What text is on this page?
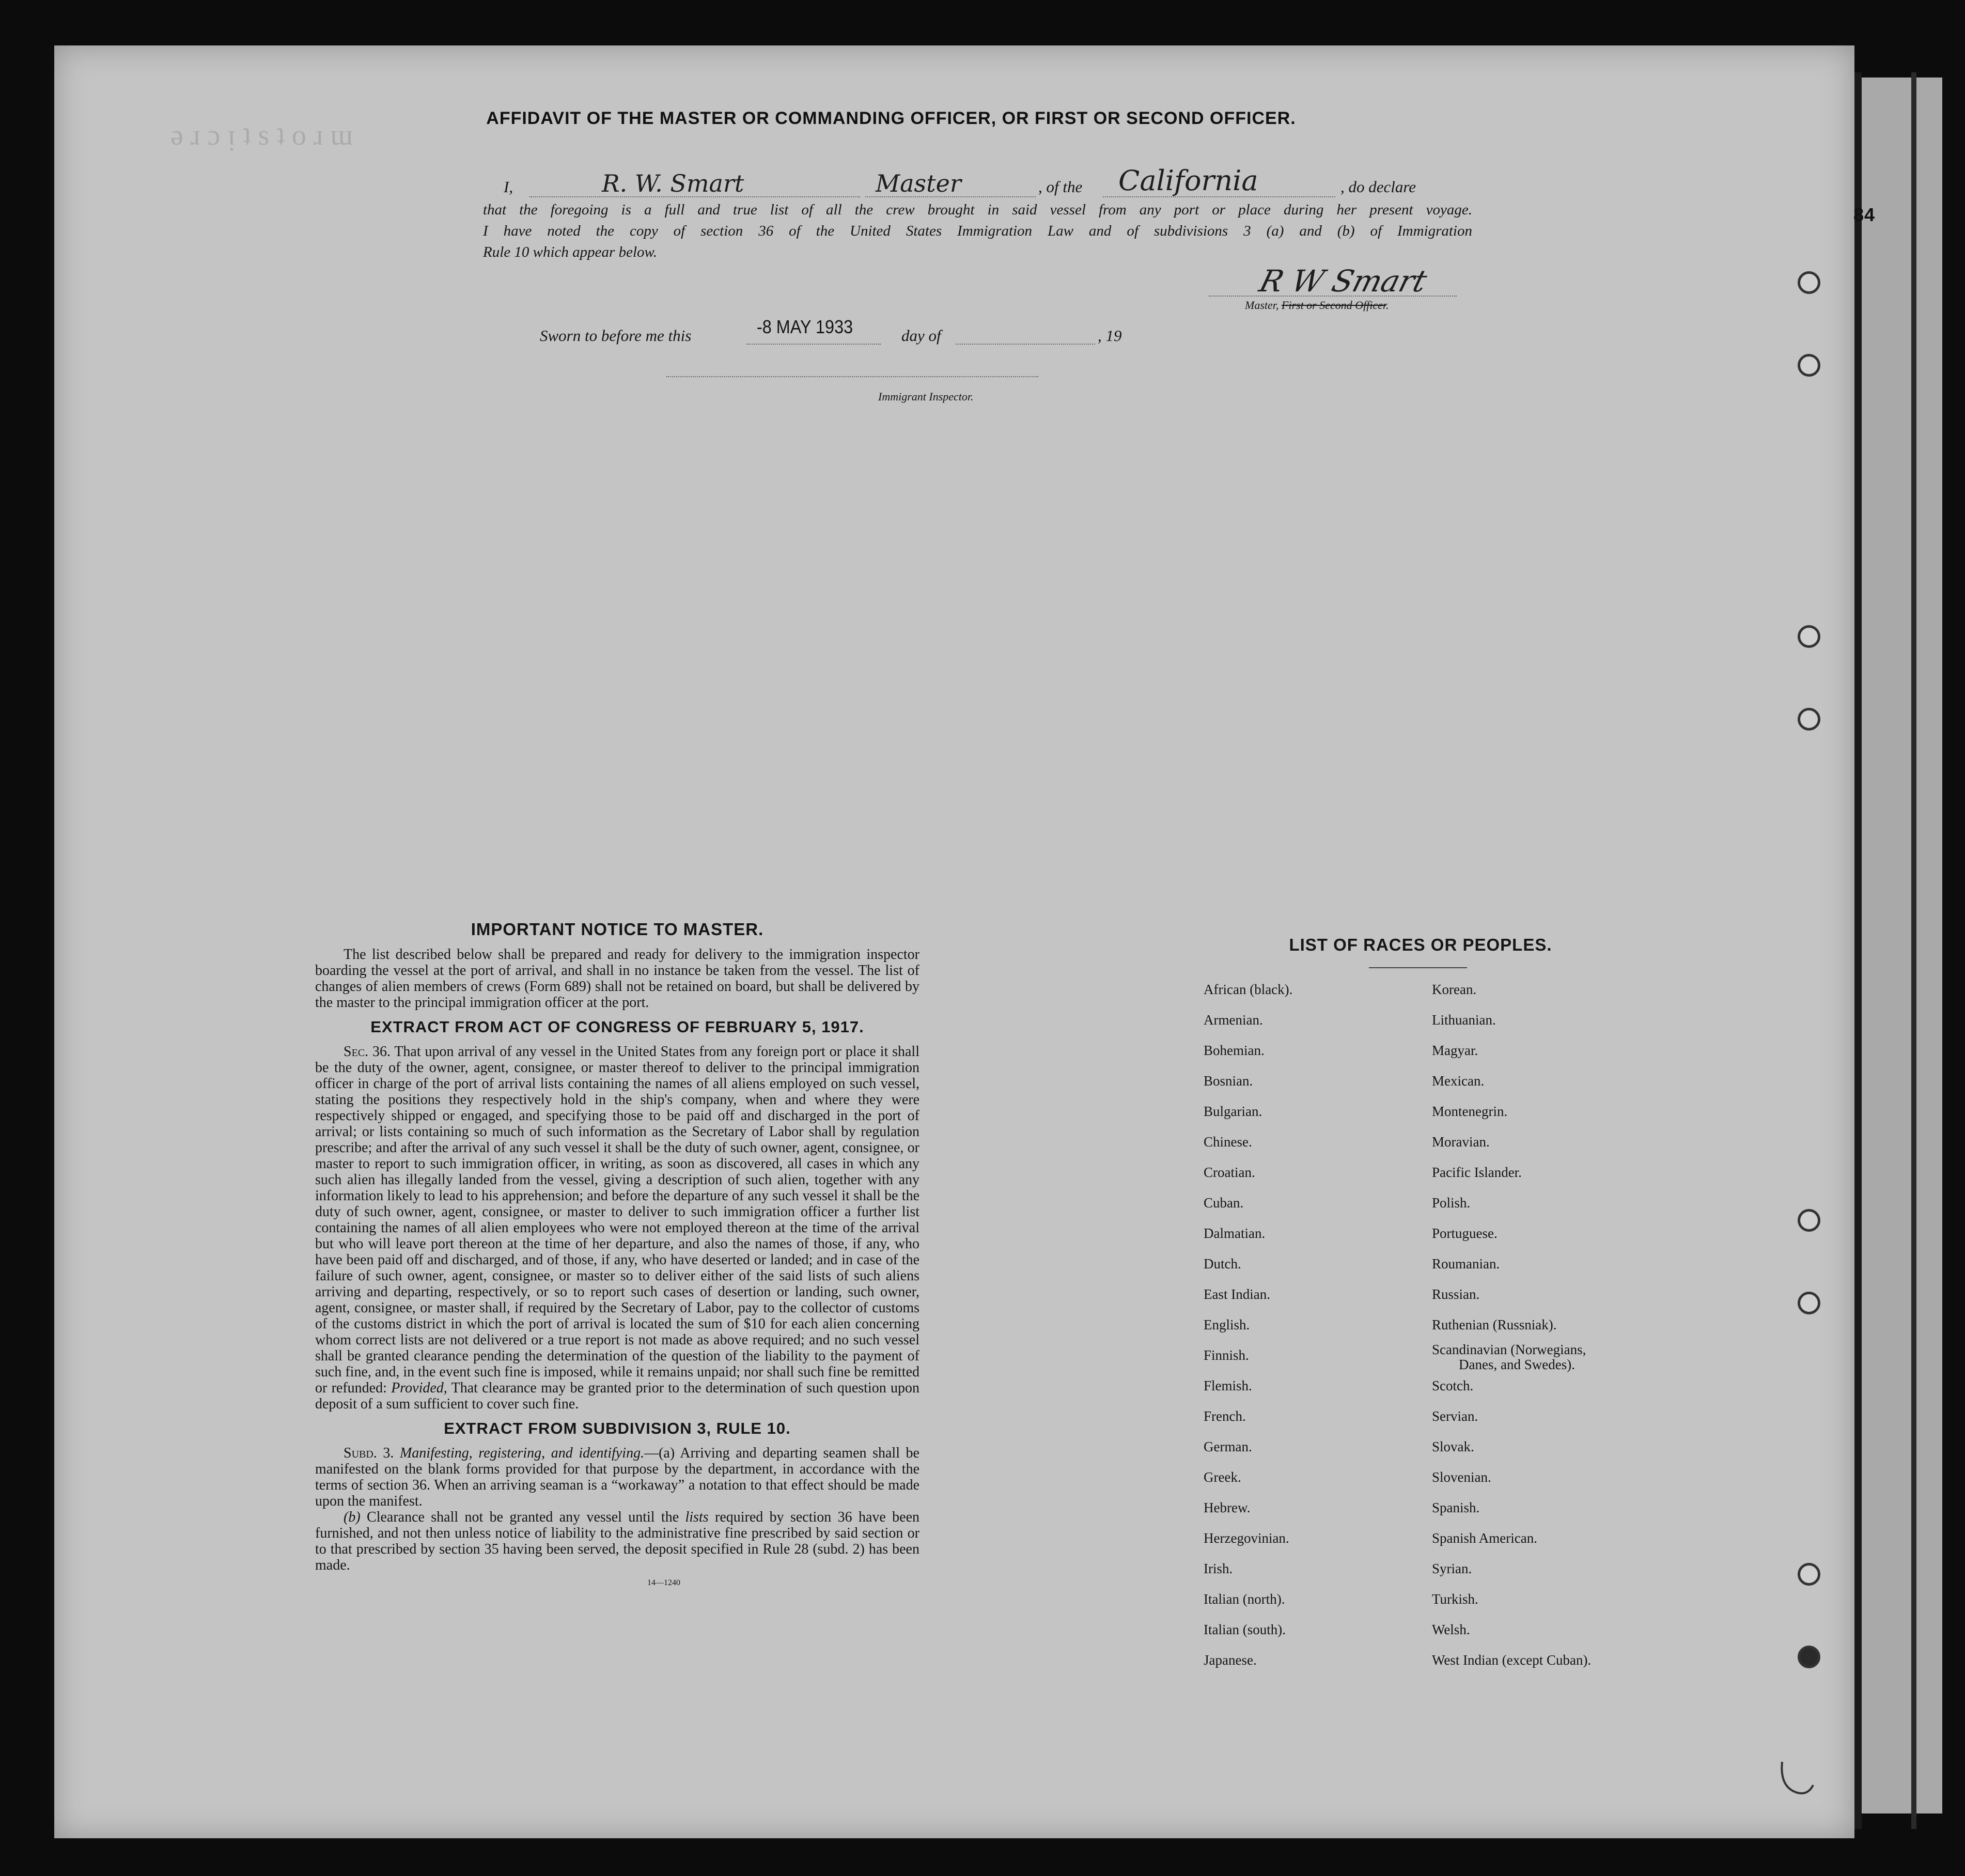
ǝ ɹ ɔ ᴉ ʇ s ʇ o ɹ ɯ
84
AFFIDAVIT OF THE MASTER OR COMMANDING OFFICER, OR FIRST OR SECOND OFFICER.
I,	R. W. Smart	Master	, of the California	, do declare
that the foregoing is a full and true list of all the crew brought in said vessel from any port or place during her present voyage.
I have noted the copy of section 36 of the United States Immigration Law and of subdivisions 3 (a) and (b) of Immigration
Rule 10 which appear below.
R W Smart
Master, First or Second Officer.
Sworn to before me this	-8 MAY 1933	day of	, 19
Immigrant Inspector.
IMPORTANT NOTICE TO MASTER.
The list described below shall be prepared and ready for delivery to the immigration inspector boarding the vessel at the port of arrival, and shall in no instance be taken from the vessel. The list of changes of alien members of crews (Form 689) shall not be retained on board, but shall be delivered by the master to the principal immigration officer at the port.
EXTRACT FROM ACT OF CONGRESS OF FEBRUARY 5, 1917.
Sec. 36. That upon arrival of any vessel in the United States from any foreign port or place it shall be the duty of the owner, agent, consignee, or master thereof to deliver to the principal immigration officer in charge of the port of arrival lists containing the names of all aliens employed on such vessel, stating the positions they respectively hold in the ship's company, when and where they were respectively shipped or engaged, and specifying those to be paid off and discharged in the port of arrival; or lists containing so much of such information as the Secretary of Labor shall by regulation prescribe; and after the arrival of any such vessel it shall be the duty of such owner, agent, consignee, or master to report to such immigration officer, in writing, as soon as discovered, all cases in which any such alien has illegally landed from the vessel, giving a description of such alien, together with any information likely to lead to his apprehension; and before the departure of any such vessel it shall be the duty of such owner, agent, consignee, or master to deliver to such immigration officer a further list containing the names of all alien employees who were not employed thereon at the time of the arrival but who will leave port thereon at the time of her departure, and also the names of those, if any, who have been paid off and discharged, and of those, if any, who have deserted or landed; and in case of the failure of such owner, agent, consignee, or master so to deliver either of the said lists of such aliens arriving and departing, respectively, or so to report such cases of desertion or landing, such owner, agent, consignee, or master shall, if required by the Secretary of Labor, pay to the collector of customs of the customs district in which the port of arrival is located the sum of $10 for each alien concerning whom correct lists are not delivered or a true report is not made as above required; and no such vessel shall be granted clearance pending the determination of the question of the liability to the payment of such fine, and, in the event such fine is imposed, while it remains unpaid; nor shall such fine be remitted or refunded: Provided, That clearance may be granted prior to the determination of such question upon deposit of a sum sufficient to cover such fine.
EXTRACT FROM SUBDIVISION 3, RULE 10.
Subd. 3. Manifesting, registering, and identifying.—(a) Arriving and departing seamen shall be manifested on the blank forms provided for that purpose by the department, in accordance with the terms of section 36. When an arriving seaman is a “workaway” a notation to that effect should be made upon the manifest.
(b) Clearance shall not be granted any vessel until the lists required by section 36 have been furnished, and not then unless notice of liability to the administrative fine prescribed by said section or to that prescribed by section 35 having been served, the deposit specified in Rule 28 (subd. 2) has been made.
14—1240
LIST OF RACES OR PEOPLES.
African (black).
Armenian.
Bohemian.
Bosnian.
Bulgarian.
Chinese.
Croatian.
Cuban.
Dalmatian.
Dutch.
East Indian.
English.
Finnish.
Flemish.
French.
German.
Greek.
Hebrew.
Herzegovinian.
Irish.
Italian (north).
Italian (south).
Japanese.
Korean.
Lithuanian.
Magyar.
Mexican.
Montenegrin.
Moravian.
Pacific Islander.
Polish.
Portuguese.
Roumanian.
Russian.
Ruthenian (Russniak).
Scandinavian (Norwegians,
Danes, and Swedes).
Scotch.
Servian.
Slovak.
Slovenian.
Spanish.
Spanish American.
Syrian.
Turkish.
Welsh.
West Indian (except Cuban).
